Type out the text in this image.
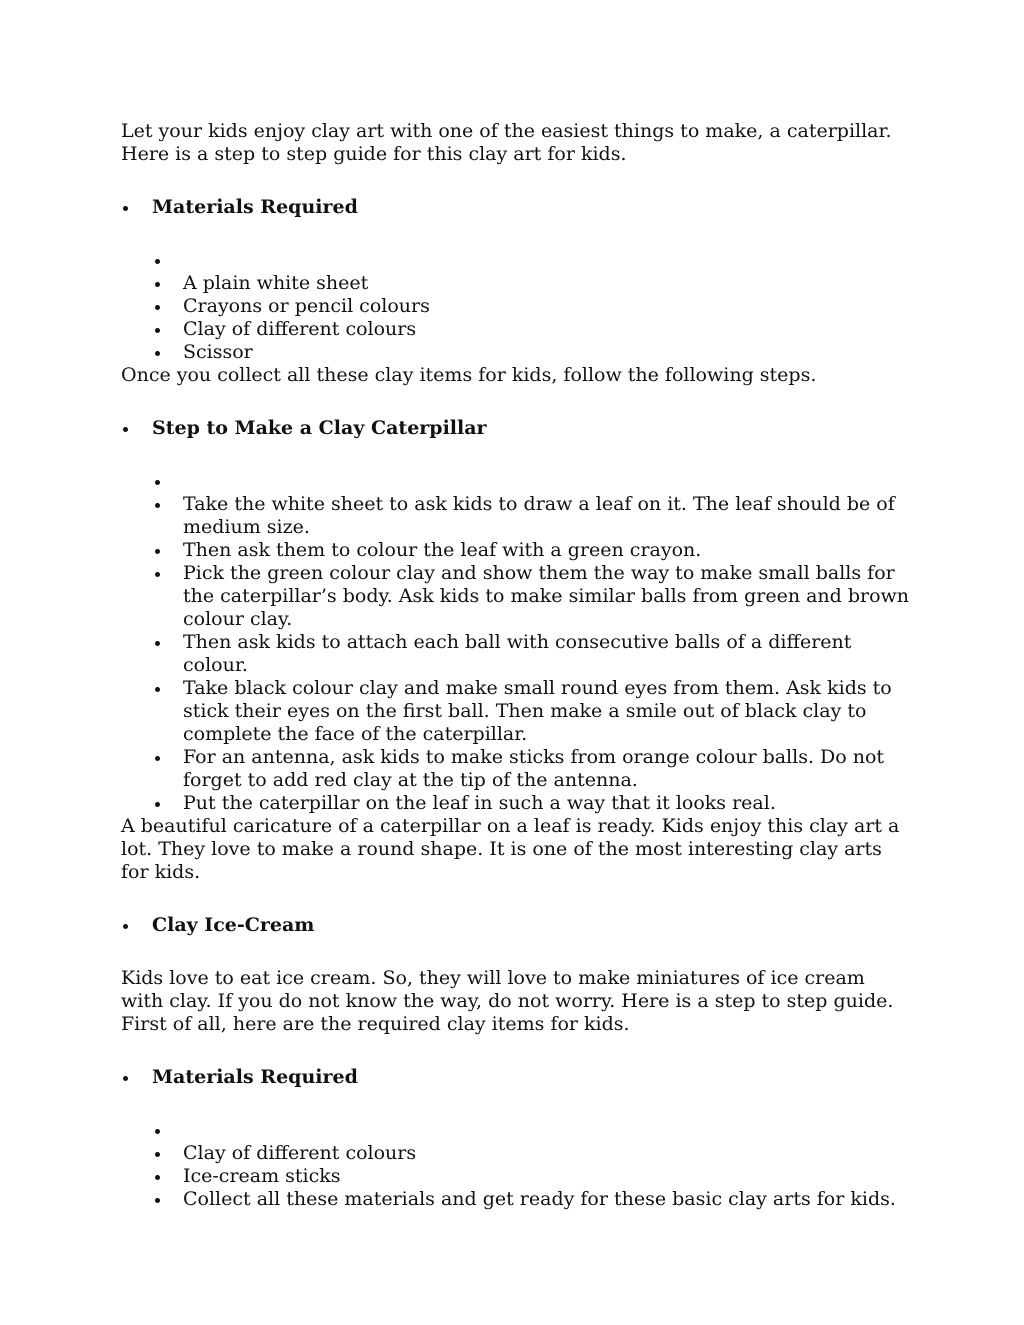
Let your kids enjoy clay art with one of the easiest things to make, a caterpillar. Here is a step to step guide for this clay art for kids.

Materials Required
A plain white sheet
Crayons or pencil colours
Clay of different colours
Scissor

Once you collect all these clay items for kids, follow the following steps.

Step to Make a Clay Caterpillar
Take the white sheet to ask kids to draw a leaf on it. The leaf should be of medium size.
Then ask them to colour the leaf with a green crayon.
Pick the green colour clay and show them the way to make small balls for the caterpillar’s body. Ask kids to make similar balls from green and brown colour clay.
Then ask kids to attach each ball with consecutive balls of a different colour.
Take black colour clay and make small round eyes from them. Ask kids to stick their eyes on the first ball. Then make a smile out of black clay to complete the face of the caterpillar.
For an antenna, ask kids to make sticks from orange colour balls. Do not forget to add red clay at the tip of the antenna.
Put the caterpillar on the leaf in such a way that it looks real.

A beautiful caricature of a caterpillar on a leaf is ready. Kids enjoy this clay art a lot. They love to make a round shape. It is one of the most interesting clay arts for kids.

Clay Ice-Cream

Kids love to eat ice cream. So, they will love to make miniatures of ice cream with clay. If you do not know the way, do not worry. Here is a step to step guide. First of all, here are the required clay items for kids.

Materials Required
Clay of different colours
Ice-cream sticks
Collect all these materials and get ready for these basic clay arts for kids.
